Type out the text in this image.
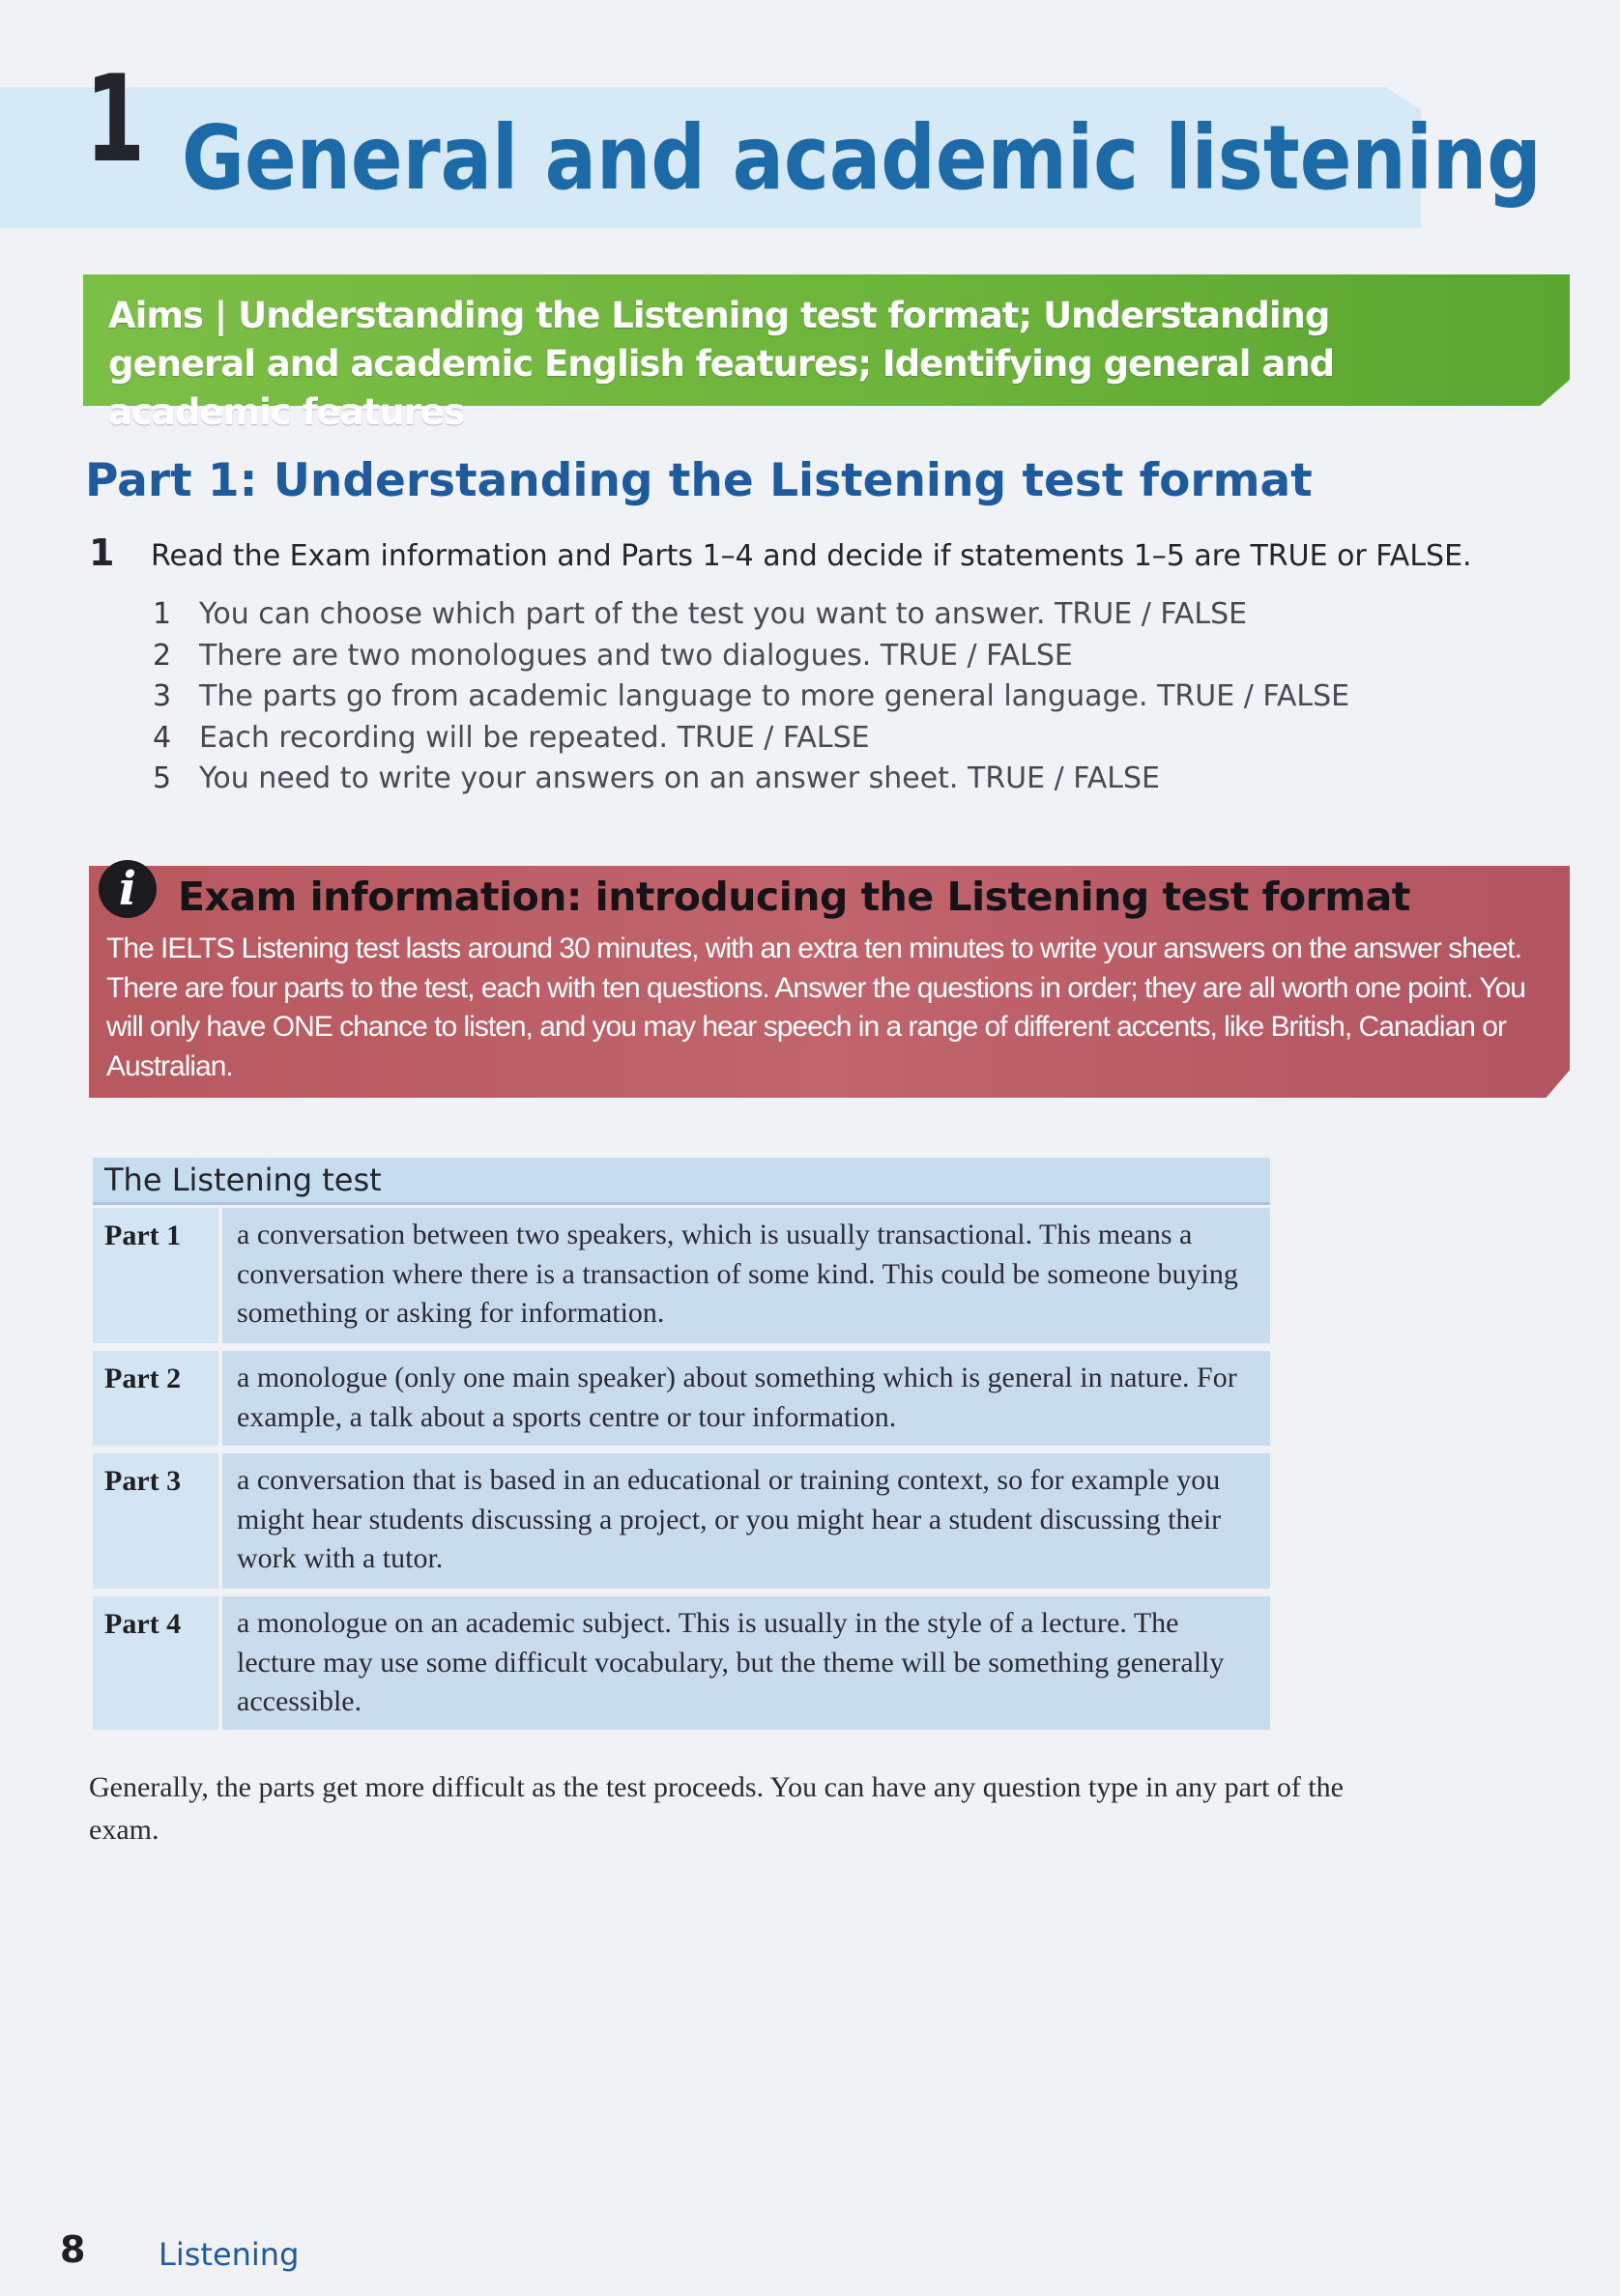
1 General and academic listening
Aims | Understanding the Listening test format; Understanding general and academic English features; Identifying general and academic features
Part 1: Understanding the Listening test format
1 Read the Exam information and Parts 1–4 and decide if statements 1–5 are TRUE or FALSE.
1 You can choose which part of the test you want to answer. TRUE / FALSE
2 There are two monologues and two dialogues. TRUE / FALSE
3 The parts go from academic language to more general language. TRUE / FALSE
4 Each recording will be repeated. TRUE / FALSE
5 You need to write your answers on an answer sheet. TRUE / FALSE
i	Exam information: introducing the Listening test format
The IELTS Listening test lasts around 30 minutes, with an extra ten minutes to write your answers on the answer sheet. There are four parts to the test, each with ten questions. Answer the questions in order; they are all worth one point. You will only have ONE chance to listen, and you may hear speech in a range of different accents, like British, Canadian or Australian.
The Listening test
Part 1 a conversation between two speakers, which is usually transactional. This means a conversation where there is a transaction of some kind. This could be someone buying something or asking for information.
Part 2 a monologue (only one main speaker) about something which is general in nature. For example, a talk about a sports centre or tour information.
Part 3 a conversation that is based in an educational or training context, so for example you might hear students discussing a project, or you might hear a student discussing their work with a tutor.
Part 4 a monologue on an academic subject. This is usually in the style of a lecture. The lecture may use some difficult vocabulary, but the theme will be something generally accessible.
Generally, the parts get more difficult as the test proceeds. You can have any question type in any part of the exam.
8 Listening
